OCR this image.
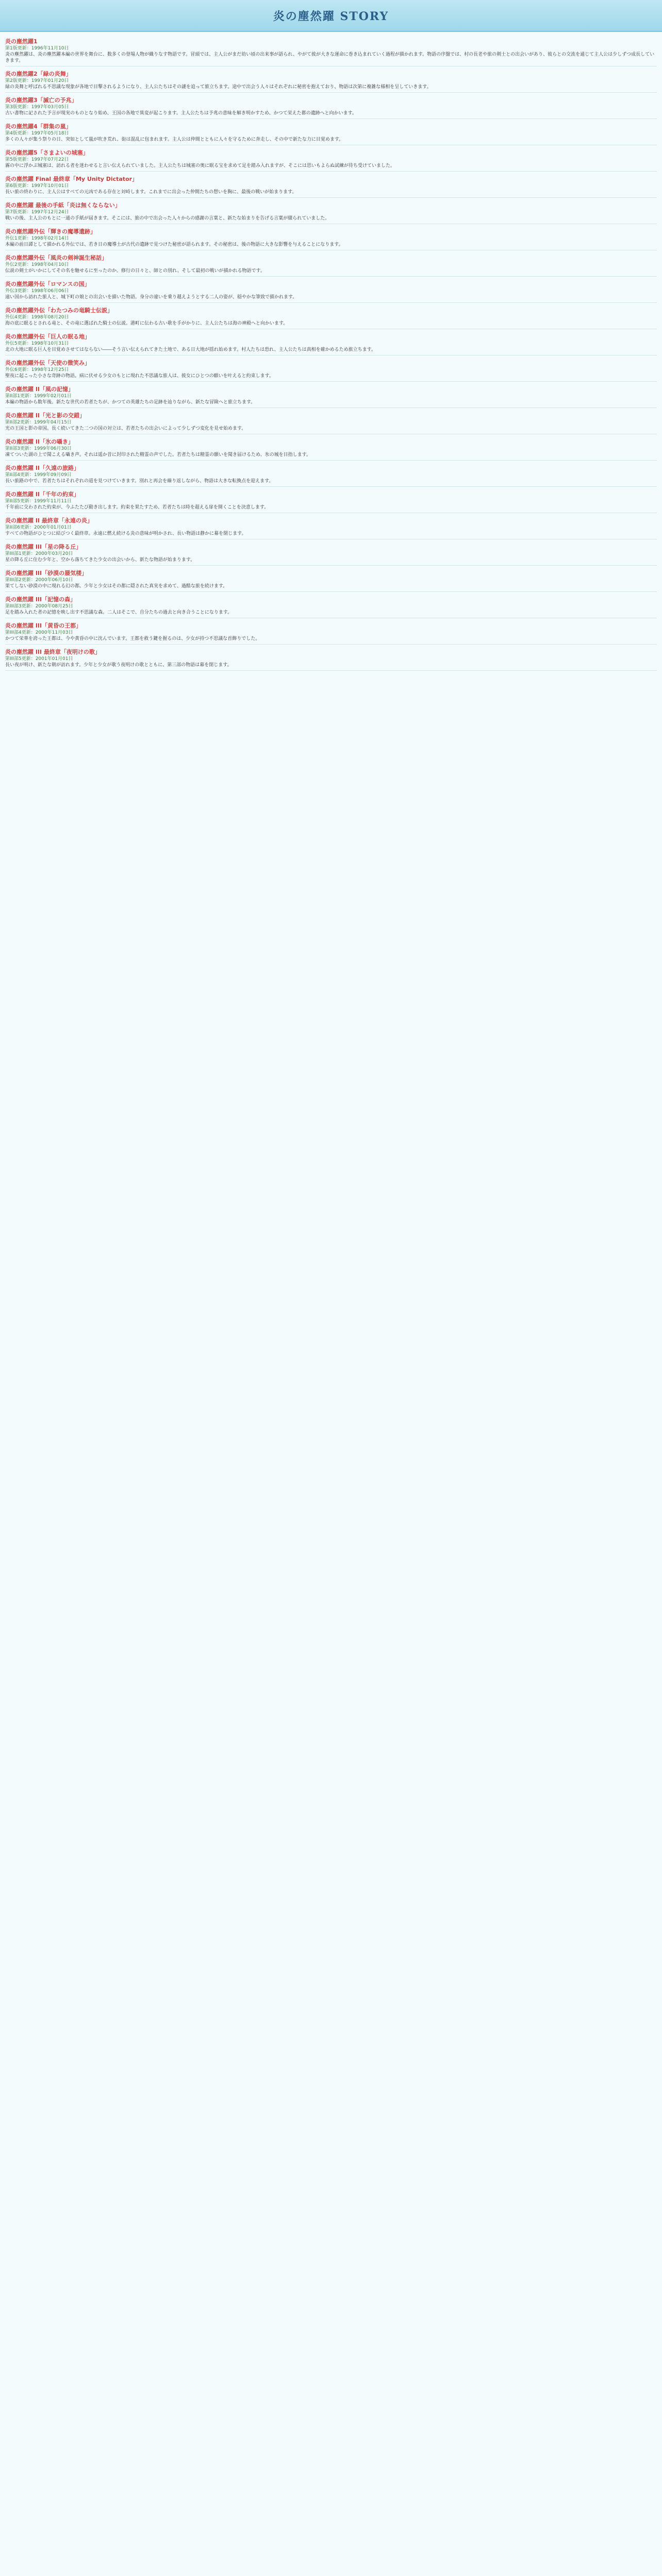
炎の塵然躍 STORY
炎の塵然躍1

第1版更新：1996年11月10日

炎の塵然躍は、炎の塵然躍本編の世界を舞台に、数多くの登場人物が織りなす物語です。冒頭では、主人公がまだ幼い頃の出来事が語られ、やがて彼が大きな運命に巻き込まれていく過程が描かれます。物語の序盤では、村の長老や旅の剣士との出会いがあり、彼らとの交流を通じて主人公は少しずつ成長していきます。

炎の塵然躍2「緑の炎舞」

第2版更新：1997年01月20日

緑の炎舞と呼ばれる不思議な現象が各地で目撃されるようになり、主人公たちはその謎を追って旅立ちます。途中で出会う人々はそれぞれに秘密を抱えており、物語は次第に複雑な様相を呈していきます。

炎の塵然躍3「滅亡の予兆」

第3版更新：1997年03月05日

古い書物に記された予言が現実のものとなり始め、王国の各地で異変が起こります。主人公たちは予兆の意味を解き明かすため、かつて栄えた都の遺跡へと向かいます。

炎の塵然躍4「群集の嵐」

第4版更新：1997年05月18日

多くの人々が集う祭りの日、突如として嵐が吹き荒れ、街は混乱に包まれます。主人公は仲間とともに人々を守るために奔走し、その中で新たな力に目覚めます。

炎の塵然躍5「さまよいの城塞」

第5版更新：1997年07月22日

霧の中に浮かぶ城塞は、訪れる者を迷わせると言い伝えられていました。主人公たちは城塞の奥に眠る宝を求めて足を踏み入れますが、そこには思いもよらぬ試練が待ち受けていました。

炎の塵然躍 Final 最終章「My Unity Dictator」

第6版更新：1997年10月01日

長い旅の終わりに、主人公はすべての元凶である存在と対峙します。これまでに出会った仲間たちの想いを胸に、最後の戦いが始まります。

炎の塵然躍 最後の手紙「炎は無くならない」

第7版更新：1997年12月24日

戦いの後、主人公のもとに一通の手紙が届きます。そこには、旅の中で出会った人々からの感謝の言葉と、新たな始まりを告げる言葉が綴られていました。

炎の塵然躍外伝「輝きの魔導遺跡」

外伝1更新：1998年02月14日

本編の前日譚として描かれる外伝では、若き日の魔導士が古代の遺跡で見つけた秘密が語られます。その秘密は、後の物語に大きな影響を与えることになります。

炎の塵然躍外伝「風炎の剣神誕生秘話」

外伝2更新：1998年04月10日

伝説の剣士がいかにしてその名を馳せるに至ったのか。修行の日々と、師との別れ、そして最初の戦いが描かれる物語です。

炎の塵然躍外伝「ロマンスの国」

外伝3更新：1998年06月06日

遠い国から訪れた旅人と、城下町の娘との出会いを描いた物語。身分の違いを乗り越えようとする二人の姿が、穏やかな筆致で描かれます。

炎の塵然躍外伝「わたつみの竜騎士伝説」

外伝4更新：1998年08月20日

海の底に眠るとされる竜と、その竜に選ばれた騎士の伝説。港町に伝わる古い歌を手がかりに、主人公たちは海の神殿へと向かいます。

炎の塵然躍外伝「巨人の眠る地」

外伝5更新：1998年10月31日

北の大地に眠る巨人を目覚めさせてはならない――そう言い伝えられてきた土地で、ある日大地が揺れ始めます。村人たちは恐れ、主人公たちは真相を確かめるため旅立ちます。

炎の塵然躍外伝「天使の微笑み」

外伝6更新：1998年12月25日

聖夜に起こった小さな奇跡の物語。病に伏せる少女のもとに現れた不思議な旅人は、彼女にひとつの願いを叶えると約束します。

炎の塵然躍 II「風の記憶」

第II部1更新：1999年02月01日

本編の物語から数年後。新たな世代の若者たちが、かつての英雄たちの足跡を辿りながら、新たな冒険へと旅立ちます。

炎の塵然躍 II「光と影の交錯」

第II部2更新：1999年04月15日

光の王国と影の帝国。長く続いてきた二つの国の対立は、若者たちの出会いによって少しずつ変化を見せ始めます。

炎の塵然躍 II「氷の囁き」

第II部3更新：1999年06月30日

凍てついた湖の上で聞こえる囁き声。それは遥か昔に封印された精霊の声でした。若者たちは精霊の願いを聞き届けるため、氷の城を目指します。

炎の塵然躍 II「久遠の旅路」

第II部4更新：1999年09月09日

長い旅路の中で、若者たちはそれぞれの道を見つけていきます。別れと再会を繰り返しながら、物語は大きな転換点を迎えます。

炎の塵然躍 II「千年の約束」

第II部5更新：1999年11月11日

千年前に交わされた約束が、今ふたたび動き出します。約束を果たすため、若者たちは時を超える扉を開くことを決意します。

炎の塵然躍 II 最終章「永遠の炎」

第II部6更新：2000年01月01日

すべての物語がひとつに結びつく最終章。永遠に燃え続ける炎の意味が明かされ、長い物語は静かに幕を閉じます。

炎の塵然躍 III「星の降る丘」

第III部1更新：2000年03月20日

星の降る丘に住む少年と、空から落ちてきた少女の出会いから、新たな物語が始まります。

炎の塵然躍 III「砂漠の蜃気楼」

第III部2更新：2000年06月10日

果てしない砂漠の中に現れる幻の都。少年と少女はその都に隠された真実を求めて、過酷な旅を続けます。

炎の塵然躍 III「記憶の森」

第III部3更新：2000年08月25日

足を踏み入れた者の記憶を映し出す不思議な森。二人はそこで、自分たちの過去と向き合うことになります。

炎の塵然躍 III「黄昏の王都」

第III部4更新：2000年11月03日

かつて栄華を誇った王都は、今や黄昏の中に沈んでいます。王都を救う鍵を握るのは、少女が持つ不思議な首飾りでした。

炎の塵然躍 III 最終章「夜明けの歌」

第III部5更新：2001年01月01日

長い夜が明け、新たな朝が訪れます。少年と少女が歌う夜明けの歌とともに、第三部の物語は幕を閉じます。
